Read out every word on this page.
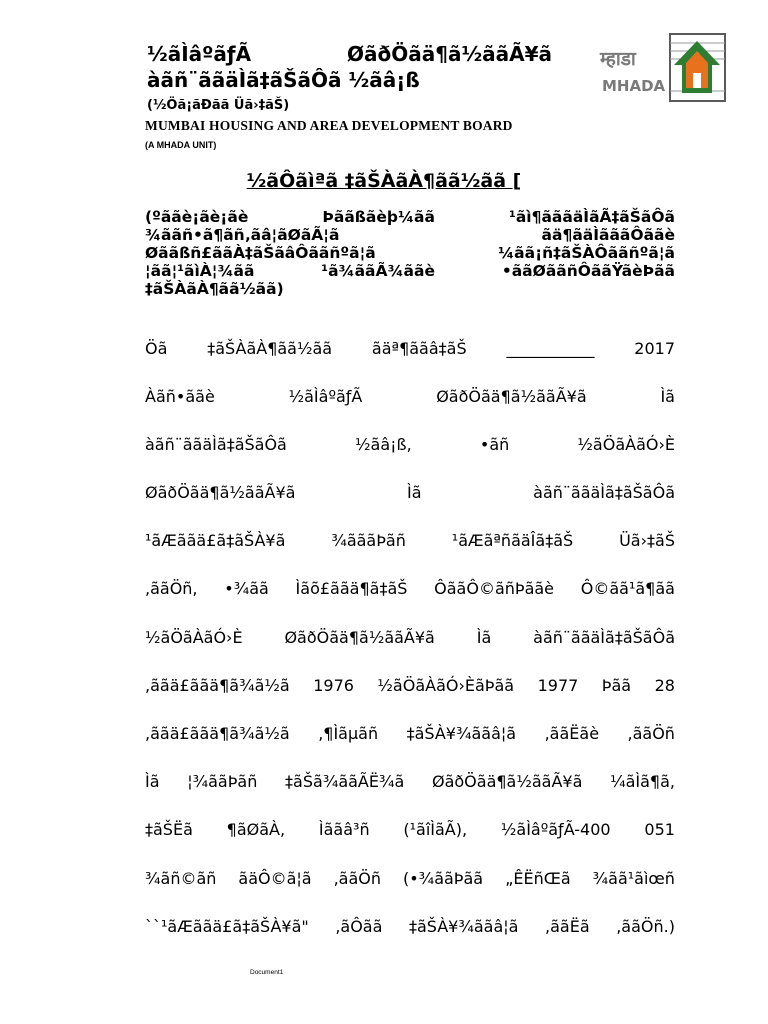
½ãÌâºãƒÃ	ØãðÖãä¶ã½ããÃ¥ã
àãñ¨ããäÌã‡ãŠãÔã ½ãâ¡ß
(½Öã¡ãÐãã Üã›‡ãŠ)
MUMBAI HOUSING AND AREA DEVELOPMENT BOARD
(A MHADA UNIT)
म्हाडा
MHADA
½ãÔãìªã ‡ãŠÀãÀ¶ãã½ãã [
(ºããè¡ãè¡ãè	Þããßãèþ¼ãã	¹ãì¶ãããäÌãÃ‡ãŠãÔã
¾ããñ•ã¶ãñ‚ãâ¦ãØãÃ¦ã	ãä¶ãäÌãããÔããè
Øããßñ£ããÀ‡ãŠãâÔããñºã¦ã	¼ãã¡ñ‡ãŠÀÔããñºã¦ã
¦ãã¦¹ãìÀ¦¾ãã	¹ã¾ããÃ¾ããè	•ããØããñÔããŸãèÞãã
‡ãŠÀãÀ¶ãã½ãã)
Öã ‡ãŠÀãÀ¶ãã½ãã ãäª¶ããâ‡ãŠ ___________ 2017
Àãñ•ããè	½ãÌâºãƒÃ	ØãðÖãä¶ã½ããÃ¥ã	Ìã
àãñ¨ããäÌã‡ãŠãÔã	½ãâ¡ß,	•ãñ	½ãÖãÀãÓ›È
ØãðÖãä¶ã½ããÃ¥ã	Ìã	àãñ¨ããäÌã‡ãŠãÔã
¹ãÆããä£ã‡ãŠÀ¥ã	¾ãããÞãñ	¹ãÆãªñãäÎã‡ãŠ	Üã›‡ãŠ
,ããÖñ, •¾ãã Ìãõ£ããä¶ã‡ãŠ ÔããÔ©ãñÞããè Ô©ãã¹ã¶ãã
½ãÖãÀãÓ›È	ØãðÖãä¶ã½ããÃ¥ã	Ìã	àãñ¨ããäÌã‡ãŠãÔã
,ããä£ããä¶ã¾ã½ã 1976 ½ãÖãÀãÓ›ÈãÞãã 1977 Þãã 28
,ããä£ããä¶ã¾ã½ã ,¶Ìãµãñ ‡ãŠÀ¥¾ããâ¦ã ,ããËãè ,ããÖñ
Ìã ¦¾ããÞãñ ‡ãŠã¾ããÃË¾ã ØãðÖãä¶ã½ããÃ¥ã ¼ãÌã¶ã,
‡ãŠËã ¶ãØãÀ, Ìããâ³ñ (¹ãîÌãÃ), ½ãÌâºãƒÃ-400 051
¾ãñ©ãñ ãäÔ©ã¦ã ,ããÖñ (•¾ããÞãã „ÊËñŒã ¾ãã¹ãìœñ
``¹ãÆããä£ã‡ãŠÀ¥ã" ,ãÔãã ‡ãŠÀ¥¾ããâ¦ã ,ããËã ,ããÖñ.)
Document1
